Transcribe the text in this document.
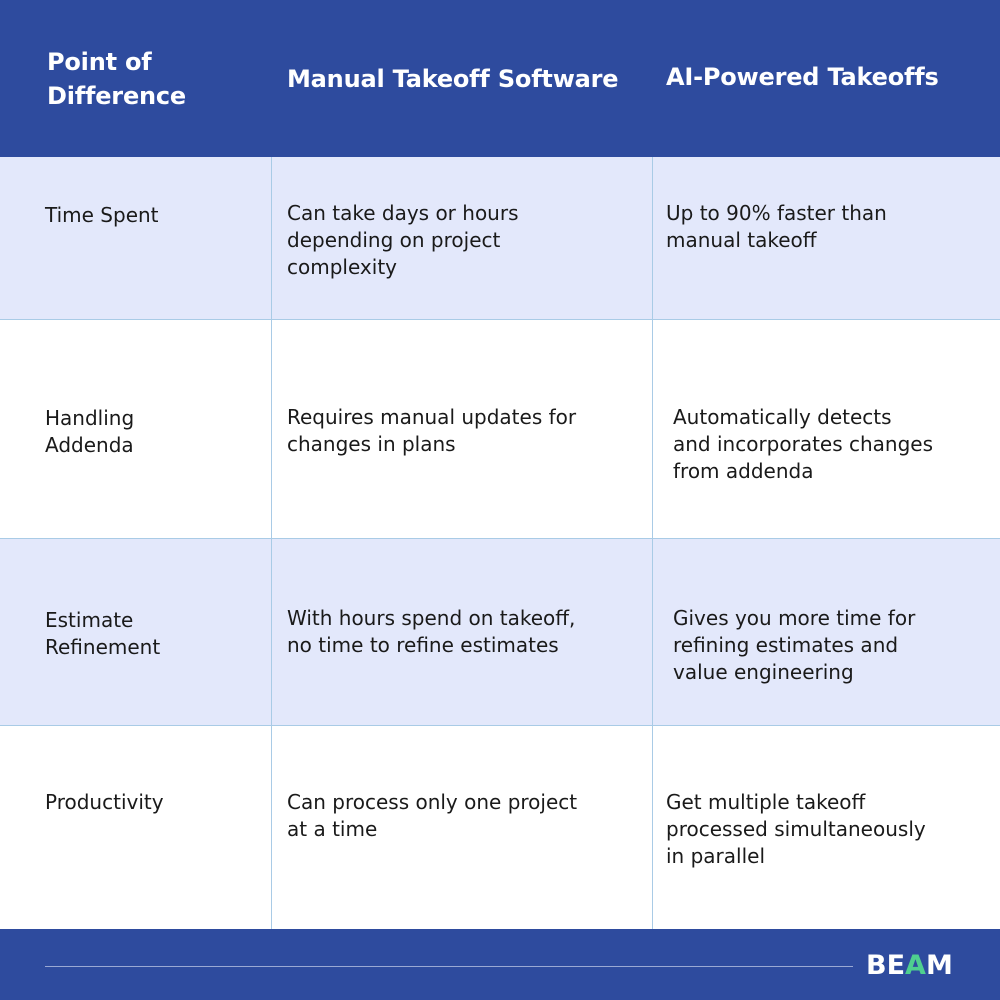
Point of
Difference
Manual Takeoff Software AI-Powered Takeoffs
Time Spent	Can take days or hours
depending on project
complexity
Up to 90% faster than
manual takeoff
Handling
Addenda
Requires manual updates for
changes in plans
Automatically detects
and incorporates changes
from addenda
Estimate
Refinement
With hours spend on takeoff,
no time to refine estimates
Gives you more time for
refining estimates and
value engineering
Productivity	Can process only one project
at a time
Get multiple takeoff
processed simultaneously
in parallel
BE A M
